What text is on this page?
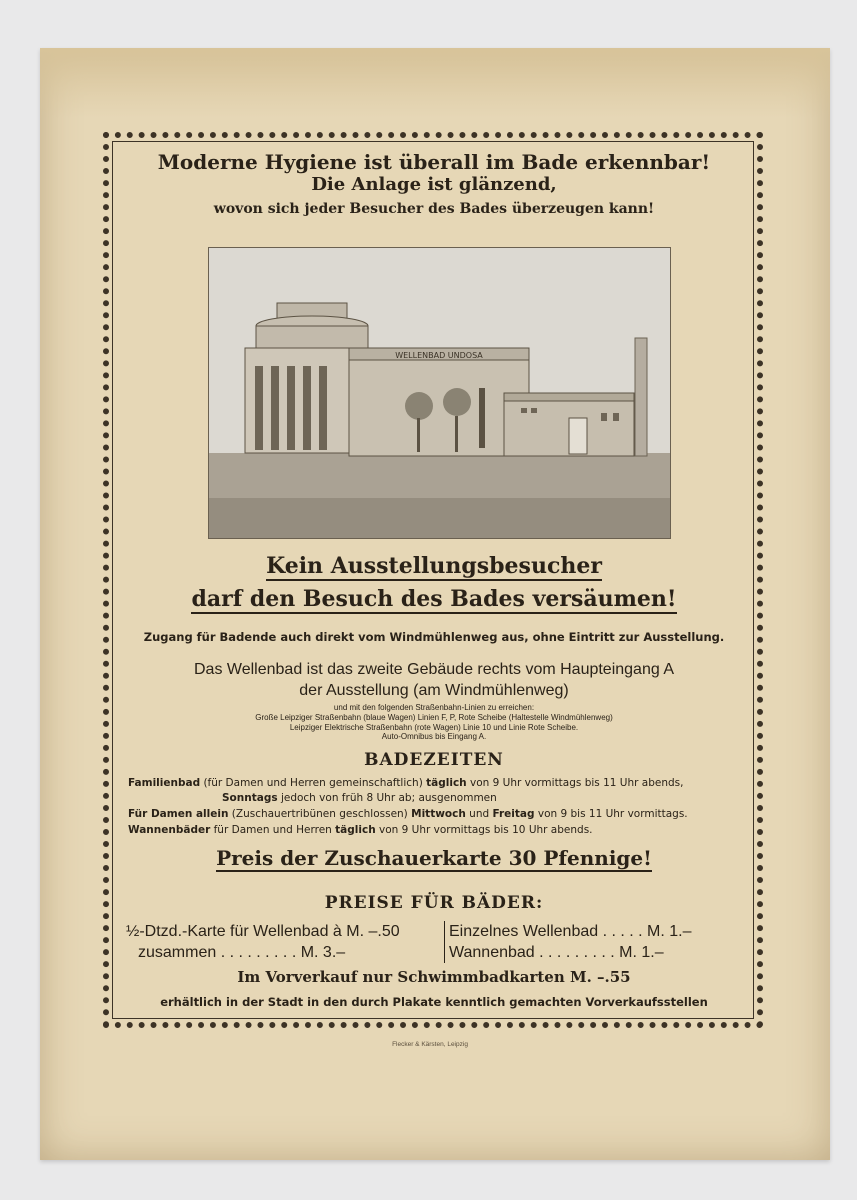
Moderne Hygiene ist überall im Bade erkennbar!

Die Anlage ist glänzend,

wovon sich jeder Besucher des Bades überzeugen kann!

WELLENBAD UNDOSA

Kein Ausstellungsbesucher

darf den Besuch des Bades versäumen!

Zugang für Badende auch direkt vom Windmühlenweg aus, ohne Eintritt zur Ausstellung.

Das Wellenbad ist das zweite Gebäude rechts vom Haupteingang A

der Ausstellung (am Windmühlenweg)

und mit den folgenden Straßenbahn-Linien zu erreichen:

Große Leipziger Straßenbahn (blaue Wagen) Linien F, P, Rote Scheibe (Haltestelle Windmühlenweg)

Leipziger Elektrische Straßenbahn (rote Wagen) Linie 10 und Linie Rote Scheibe.

Auto-Omnibus bis Eingang A.

BADEZEITEN

Familienbad (für Damen und Herren gemeinschaftlich) täglich von 9 Uhr vormittags bis 11 Uhr abends,
Sonntags jedoch von früh 8 Uhr ab; ausgenommen
Für Damen allein (Zuschauertribünen geschlossen) Mittwoch und Freitag von 9 bis 11 Uhr vormittags.
Wannenbäder für Damen und Herren täglich von 9 Uhr vormittags bis 10 Uhr abends.

Preis der Zuschauerkarte 30 Pfennige!

PREISE FÜR BÄDER:

½-Dtzd.-Karte für Wellenbad à M. –.50
zusammen . . . . . . . . . M. 3.–
Einzelnes Wellenbad . . . . . M. 1.–
Wannenbad . . . . . . . . . M. 1.–

Im Vorverkauf nur Schwimmbadkarten M. –.55

erhältlich in der Stadt in den durch Plakate kenntlich gemachten Vorverkaufsstellen

Flecker & Kärsten, Leipzig
